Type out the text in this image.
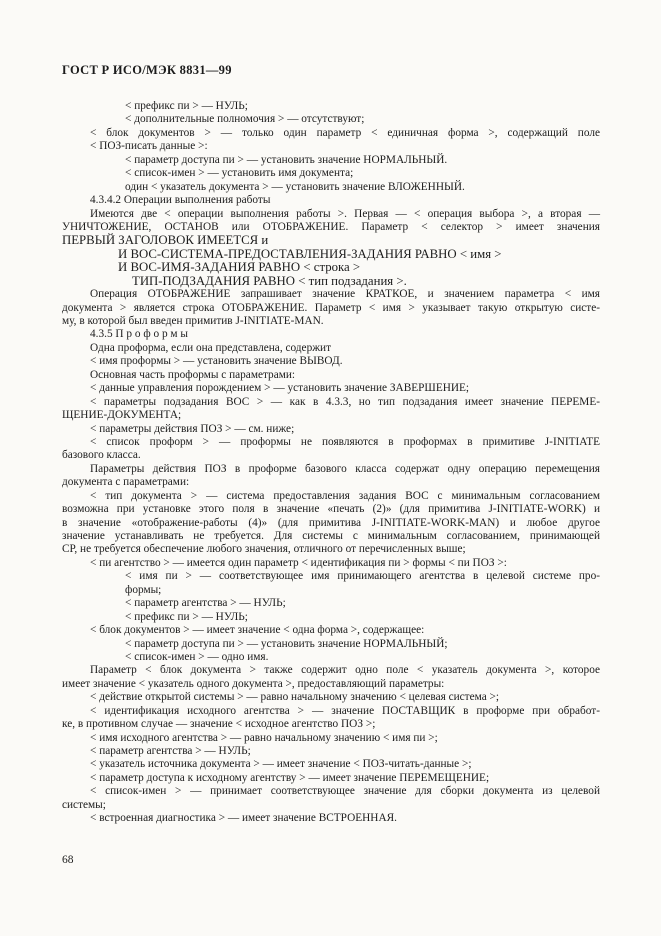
ГОСТ Р ИСО/МЭК 8831—99
< префикс пи > — НУЛЬ;
< дополнительные полномочия > — отсутствуют;
< блок документов > — только один параметр < единичная форма >, содержащий поле
< ПОЗ-писать данные >:
< параметр доступа пи > — установить значение НОРМАЛЬНЫЙ.
< список-имен > — установить имя документа;
один < указатель документа > — установить значение ВЛОЖЕННЫЙ.
4.3.4.2 Операции выполнения работы
Имеются две < операции выполнения работы >. Первая — < операция выбора >, а вторая —
УНИЧТОЖЕНИЕ, ОСТАНОВ или ОТОБРАЖЕНИЕ. Параметр < селектор > имеет значения
ПЕРВЫЙ ЗАГОЛОВОК ИМЕЕТСЯ и
И ВОС-СИСТЕМА-ПРЕДОСТАВЛЕНИЯ-ЗАДАНИЯ РАВНО < имя >
И ВОС-ИМЯ-ЗАДАНИЯ РАВНО < строка >
ТИП-ПОДЗАДАНИЯ РАВНО < тип подзадания >.
Операция ОТОБРАЖЕНИЕ запрашивает значение КРАТКОЕ, и значением параметра < имя
документа > является строка ОТОБРАЖЕНИЕ. Параметр < имя > указывает такую открытую систе-
му, в которой был введен примитив J-INITIATE-MAN.
4.3.5 П р о ф о р м ы
Одна проформа, если она представлена, содержит
< имя проформы > — установить значение ВЫВОД.
Основная часть проформы с параметрами:
< данные управления порождением > — установить значение ЗАВЕРШЕНИЕ;
< параметры подзадания ВОС > — как в 4.3.3, но тип подзадания имеет значение ПЕРЕМЕ-
ЩЕНИЕ-ДОКУМЕНТА;
< параметры действия ПОЗ > — см. ниже;
< список проформ > — проформы не появляются в проформах в примитиве J-INITIATE
базового класса.
Параметры действия ПОЗ в проформе базового класса содержат одну операцию перемещения
документа с параметрами:
< тип документа > — система предоставления задания ВОС с минимальным согласованием
возможна при установке этого поля в значение «печать (2)» (для примитива J-INITIATE-WORK) и
в значение «отображение-работы (4)» (для примитива J-INITIATE-WORK-MAN) и любое другое
значение устанавливать не требуется. Для системы с минимальным согласованием, принимающей
СР, не требуется обеспечение любого значения, отличного от перечисленных выше;
< пи агентство > — имеется один параметр < идентификация пи > формы < пи ПОЗ >:
< имя пи > — соответствующее имя принимающего агентства в целевой системе про-
формы;
< параметр агентства > — НУЛЬ;
< префикс пи > — НУЛЬ;
< блок документов > — имеет значение < одна форма >, содержащее:
< параметр доступа пи > — установить значение НОРМАЛЬНЫЙ;
< список-имен > — одно имя.
Параметр < блок документа > также содержит одно поле < указатель документа >, которое
имеет значение < указатель одного документа >, предоставляющий параметры:
< действие открытой системы > — равно начальному значению < целевая система >;
< идентификация исходного агентства > — значение ПОСТАВЩИК в проформе при обработ-
ке, в противном случае — значение < исходное агентство ПОЗ >;
< имя исходного агентства > — равно начальному значению < имя пи >;
< параметр агентства > — НУЛЬ;
< указатель источника документа > — имеет значение < ПОЗ-читать-данные >;
< параметр доступа к исходному агентству > — имеет значение ПЕРЕМЕЩЕНИЕ;
< список-имен > — принимает соответствующее значение для сборки документа из целевой
системы;
< встроенная диагностика > — имеет значение ВСТРОЕННАЯ.
68
